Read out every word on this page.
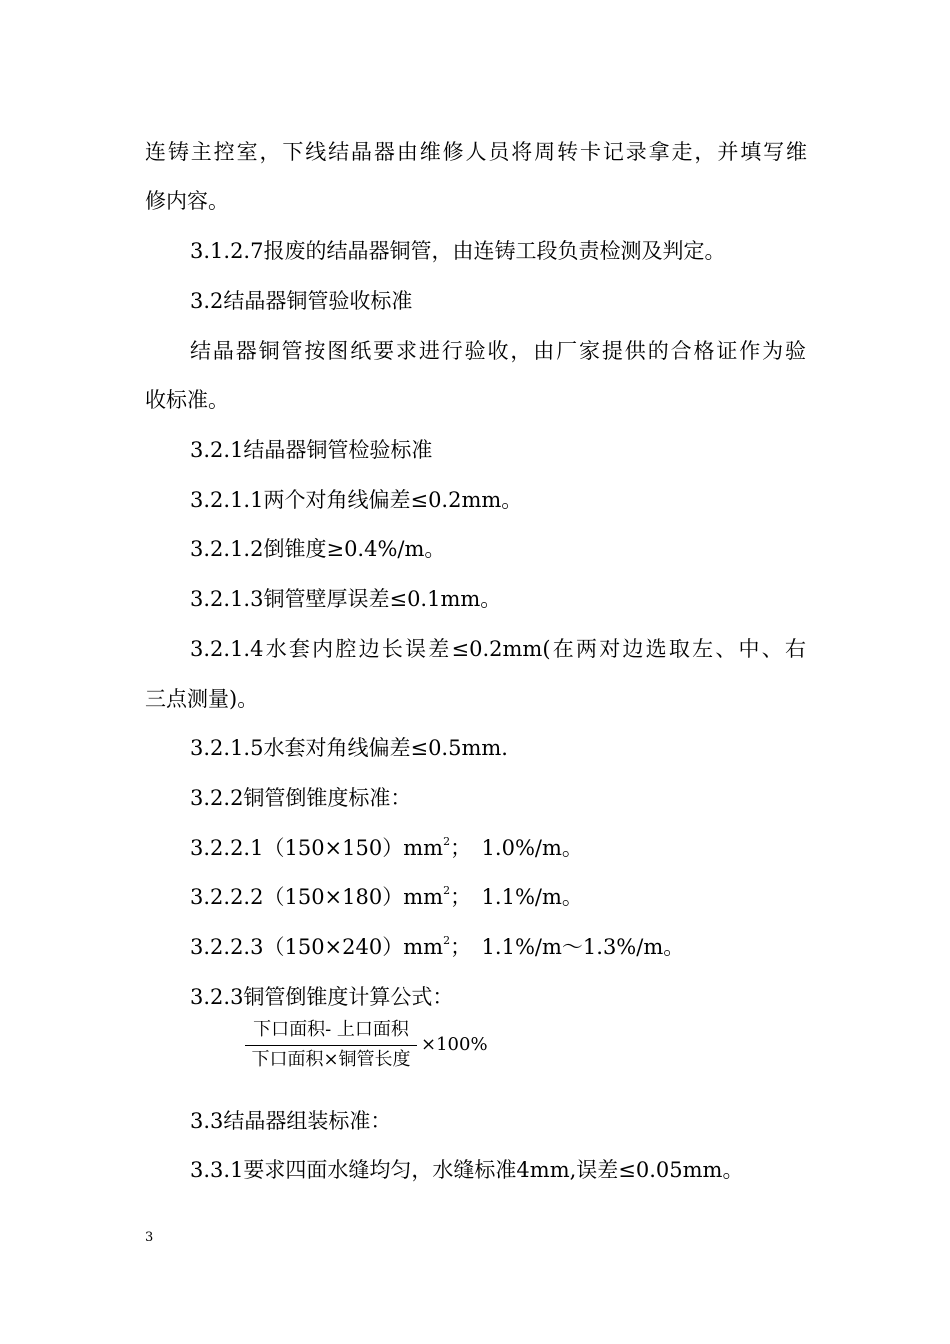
连铸主控室，下线结晶器由维修人员将周转卡记录拿走，并填写维
修内容。
3.1.2.7报废的结晶器铜管，由连铸工段负责检测及判定。
3.2结晶器铜管验收标准
结晶器铜管按图纸要求进行验收，由厂家提供的合格证作为验
收标准。
3.2.1结晶器铜管检验标准
3.2.1.1两个对角线偏差≤0.2mm。
3.2.1.2倒锥度≥0.4%/m。
3.2.1.3铜管壁厚误差≤0.1mm。
3.2.1.4水套内腔边长误差≤0.2mm(在两对边选取左、中、右
三点测量)。
3.2.1.5水套对角线偏差≤0.5mm.
3.2.2铜管倒锥度标准：
$3.2.2.1(150\times 150)mm^2$；　1.0%/m。
$3.2.2.2(150\times 180)mm^2$；　1.1%/m。
$3.2.2.3(150\times 240)mm^2$；　1.1%/m～1.3%/m。
3.2.3铜管倒锥度计算公式：
下口面积- 上口面积
下口面积×铜管长度
×100%
3.3结晶器组装标准：
3.3.1要求四面水缝均匀，水缝标准4mm,误差≤0.05mm。
3
